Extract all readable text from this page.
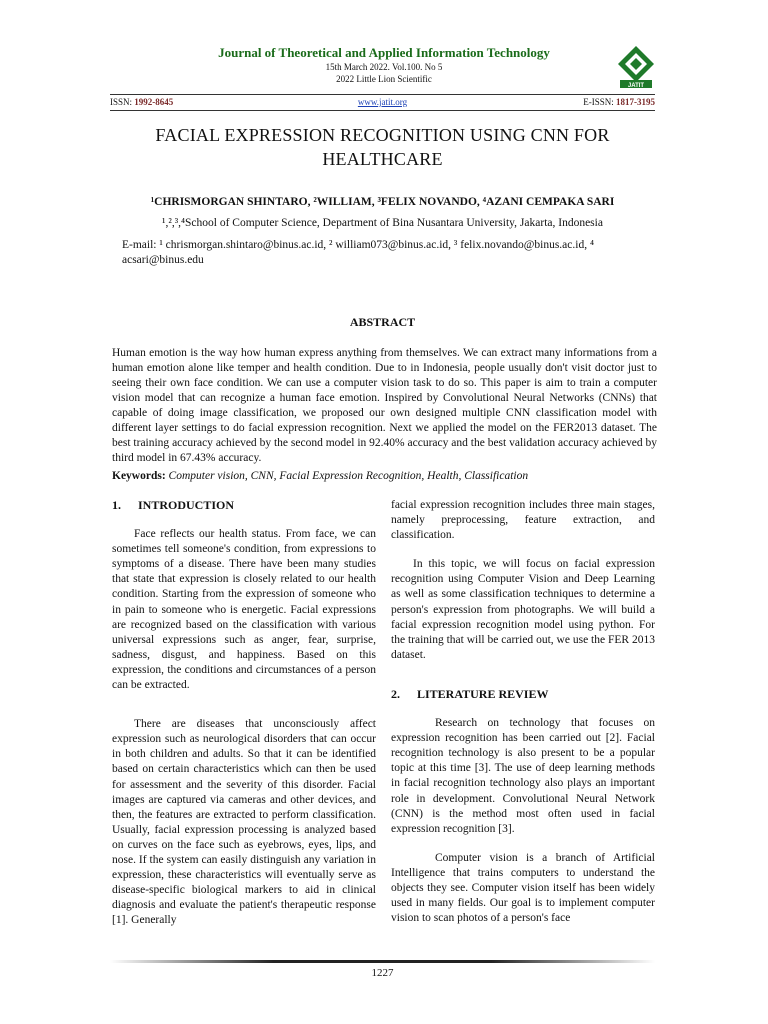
Journal of Theoretical and Applied Information Technology
15th March 2022. Vol.100. No 5
2022 Little Lion Scientific
JATIT
ISSN: 1992-8645	www.jatit.org	E-ISSN: 1817-3195
FACIAL EXPRESSION RECOGNITION USING CNN FOR HEALTHCARE
¹CHRISMORGAN SHINTARO, ²WILLIAM, ³FELIX NOVANDO, ⁴AZANI CEMPAKA SARI
¹,²,³,⁴School of Computer Science, Department of Bina Nusantara University, Jakarta, Indonesia
E-mail: ¹ chrismorgan.shintaro@binus.ac.id, ² william073@binus.ac.id, ³ felix.novando@binus.ac.id, ⁴ acsari@binus.edu
ABSTRACT
Human emotion is the way how human express anything from themselves. We can extract many informations from a human emotion alone like temper and health condition. Due to in Indonesia, people usually don't visit doctor just to seeing their own face condition. We can use a computer vision task to do so. This paper is aim to train a computer vision model that can recognize a human face emotion. Inspired by Convolutional Neural Networks (CNNs) that capable of doing image classification, we proposed our own designed multiple CNN classification model with different layer settings to do facial expression recognition. Next we applied the model on the FER2013 dataset. The best training accuracy achieved by the second model in 92.40% accuracy and the best validation accuracy achieved by third model in 67.43% accuracy.
Keywords: Computer vision, CNN, Facial Expression Recognition, Health, Classification
1. INTRODUCTION
Face reflects our health status. From face, we can sometimes tell someone's condition, from expressions to symptoms of a disease. There have been many studies that state that expression is closely related to our health condition. Starting from the expression of someone who in pain to someone who is energetic. Facial expressions are recognized based on the classification with various universal expressions such as anger, fear, surprise, sadness, disgust, and happiness. Based on this expression, the conditions and circumstances of a person can be extracted.
There are diseases that unconsciously affect expression such as neurological disorders that can occur in both children and adults. So that it can be identified based on certain characteristics which can then be used for assessment and the severity of this disorder. Facial images are captured via cameras and other devices, and then, the features are extracted to perform classification. Usually, facial expression processing is analyzed based on curves on the face such as eyebrows, eyes, lips, and nose. If the system can easily distinguish any variation in expression, these characteristics will eventually serve as disease-specific biological markers to aid in clinical diagnosis and evaluate the patient's therapeutic response [1]. Generally
facial expression recognition includes three main stages, namely preprocessing, feature extraction, and classification.
In this topic, we will focus on facial expression recognition using Computer Vision and Deep Learning as well as some classification techniques to determine a person's expression from photographs. We will build a facial expression recognition model using python. For the training that will be carried out, we use the FER 2013 dataset.
2. LITERATURE REVIEW
Research on technology that focuses on expression recognition has been carried out [2]. Facial recognition technology is also present to be a popular topic at this time [3]. The use of deep learning methods in facial recognition technology also plays an important role in development. Convolutional Neural Network (CNN) is the method most often used in facial expression recognition [3].
Computer vision is a branch of Artificial Intelligence that trains computers to understand the objects they see. Computer vision itself has been widely used in many fields. Our goal is to implement computer vision to scan photos of a person's face
1227
